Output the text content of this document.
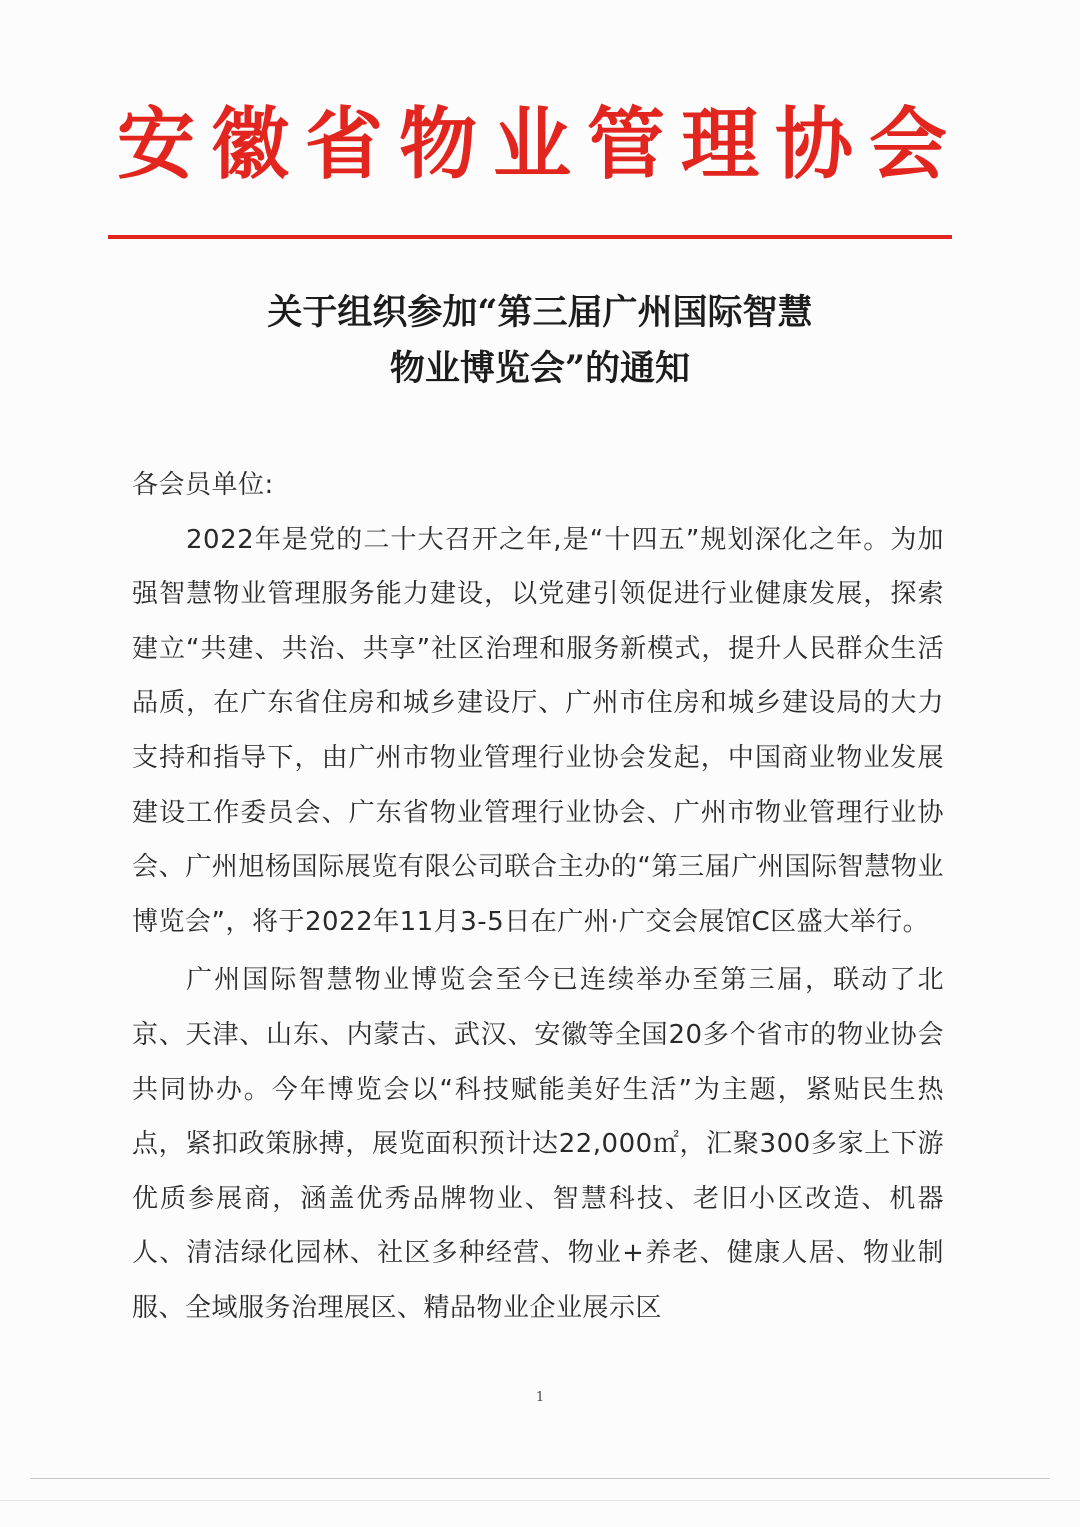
安徽省物业管理协会
关于组织参加“第三届广州国际智慧
物业博览会”的通知

各会员单位:

2022年是党的二十大召开之年,是“十四五”规划深化之年。为加强智慧物业管理服务能力建设，以党建引领促进行业健康发展，探索建立“共建、共治、共享”社区治理和服务新模式，提升人民群众生活品质，在广东省住房和城乡建设厅、广州市住房和城乡建设局的大力支持和指导下，由广州市物业管理行业协会发起，中国商业物业发展建设工作委员会、广东省物业管理行业协会、广州市物业管理行业协会、广州旭杨国际展览有限公司联合主办的“第三届广州国际智慧物业博览会”，将于2022年11月3-5日在广州·广交会展馆C区盛大举行。

广州国际智慧物业博览会至今已连续举办至第三届，联动了北京、天津、山东、内蒙古、武汉、安徽等全国20多个省市的物业协会共同协办。今年博览会以“科技赋能美好生活”为主题，紧贴民生热点，紧扣政策脉搏，展览面积预计达22,000㎡，汇聚300多家上下游优质参展商，涵盖优秀品牌物业、智慧科技、老旧小区改造、机器人、清洁绿化园林、社区多种经营、物业+养老、健康人居、物业制服、全域服务治理展区、精品物业企业展示区

1
